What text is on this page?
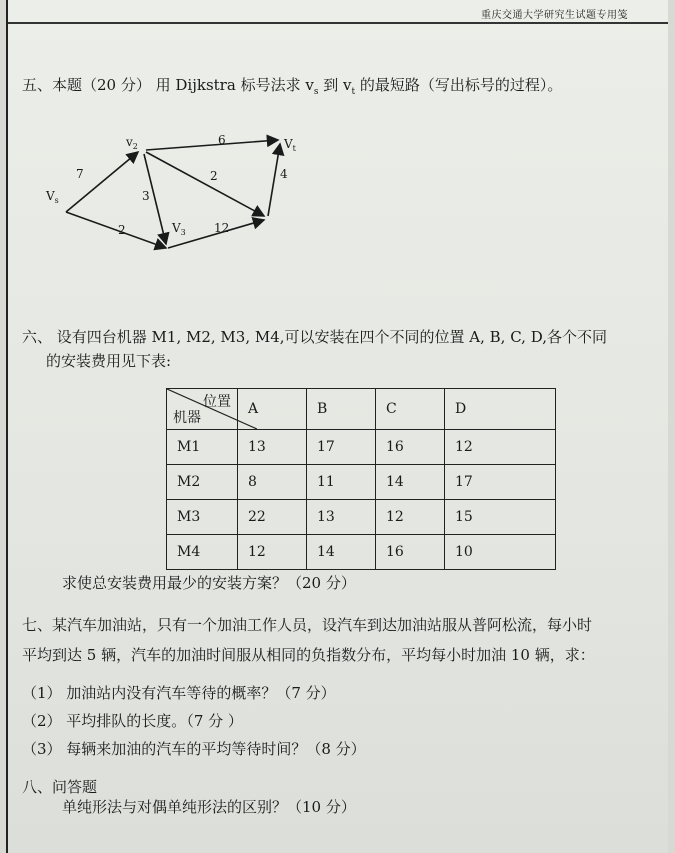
重庆交通大学研究生试题专用笺
五、本题（20 分） 用 Dijkstra 标号法求 $v_s$ 到 $v_t$ 的最短路（写出标号的过程）。
$V_s$
$v_2$
$V_3$
$V_t$
7
2
3
6
2
12
4
六、 设有四台机器 M1, M2, M3, M4,可以安装在四个不同的位置 A, B, C, D,各个不同
的安装费用见下表:
位置
机器	A	B	C	D
M1	13	17	16	12
M2	8	11	14	17
M3	22	13	12	15
M4	12	14	16	10
求使总安装费用最少的安装方案？（20 分）
七、某汽车加油站，只有一个加油工作人员，设汽车到达加油站服从普阿松流，每小时
平均到达 5 辆，汽车的加油时间服从相同的负指数分布，平均每小时加油 10 辆，求：
（1） 加油站内没有汽车等待的概率？（7 分）
（2） 平均排队的长度。（7 分 ）
（3） 每辆来加油的汽车的平均等待时间？（8 分）
八、问答题
单纯形法与对偶单纯形法的区别？（10 分）
